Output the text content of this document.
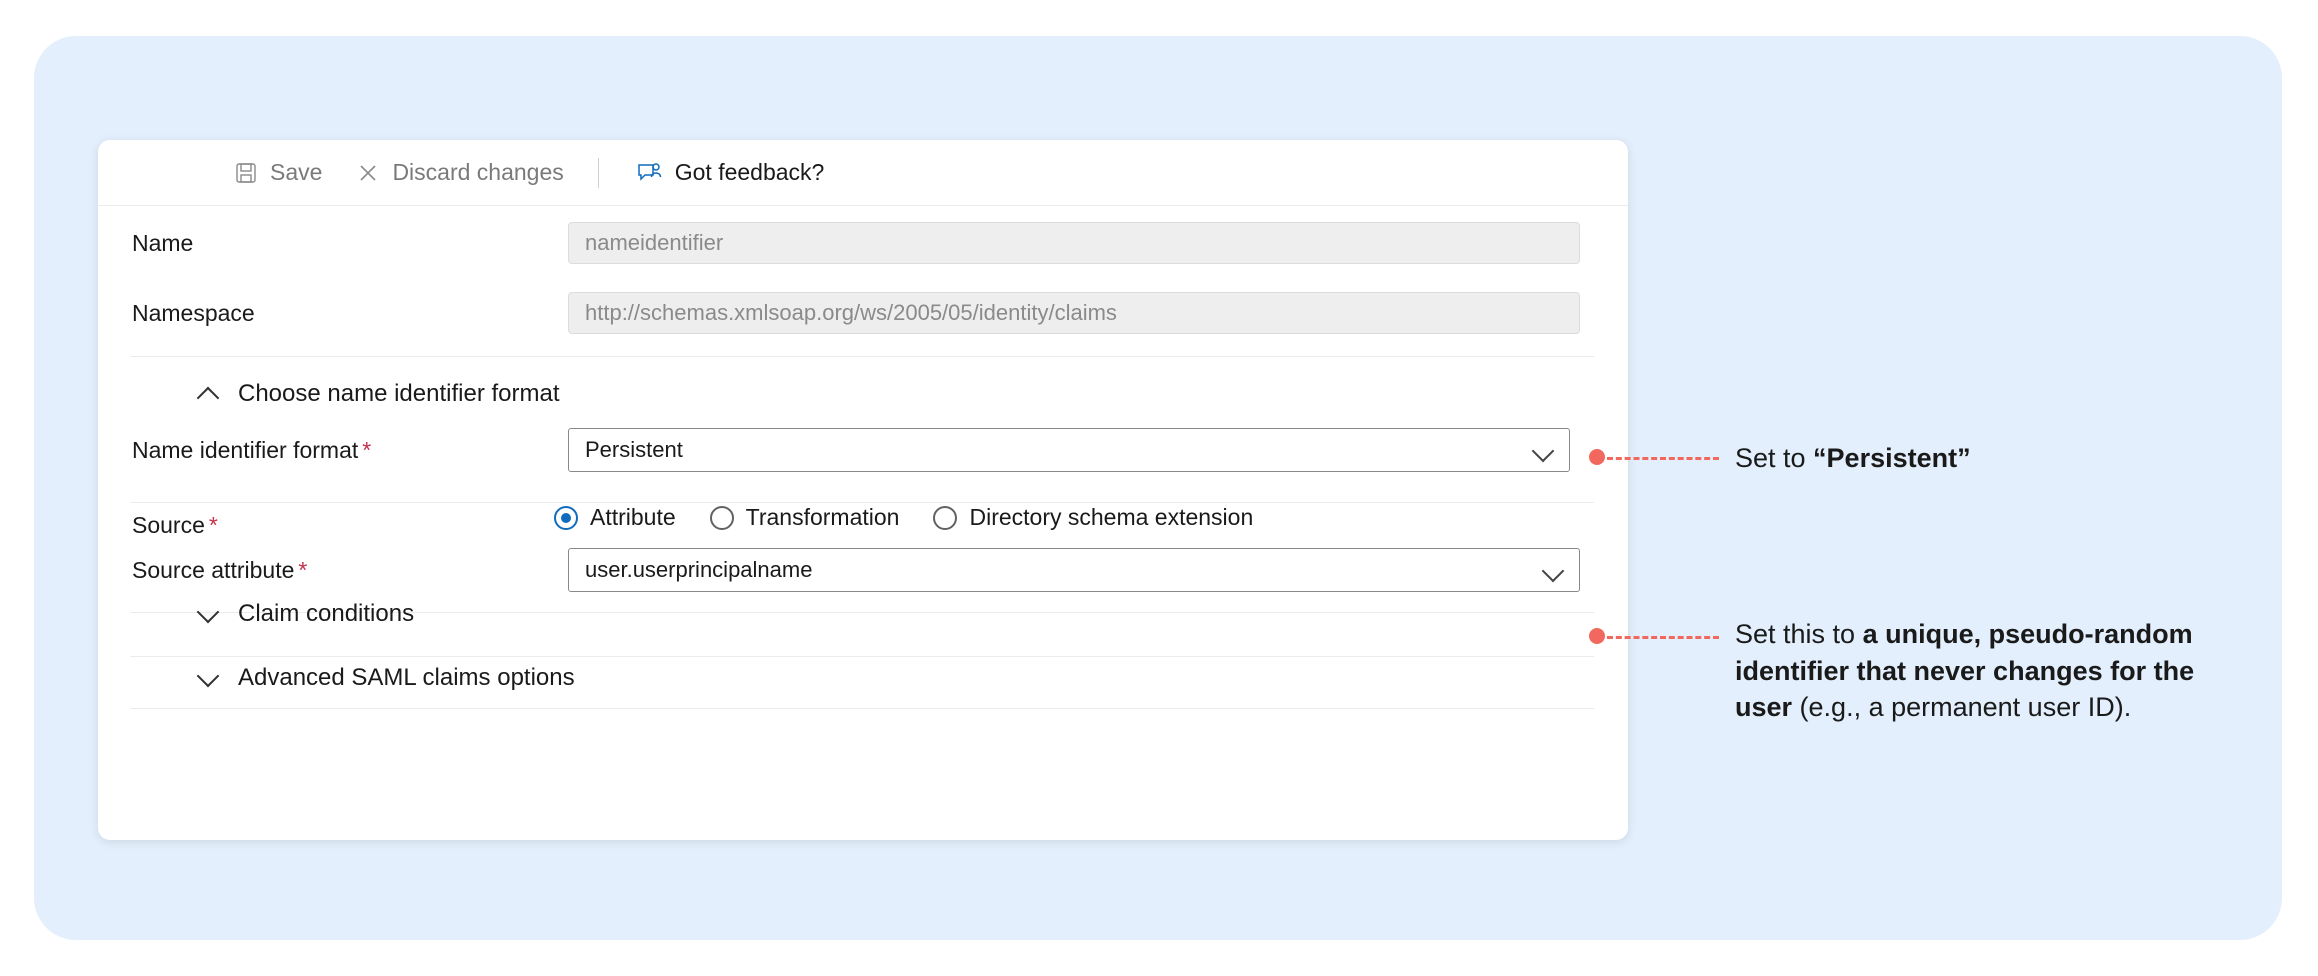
Save	Discard changes	Got feedback?
Name	nameidentifier
Namespace	http://schemas.xmlsoap.org/ws/2005/05/identity/claims
Choose name identifier format
Name identifier format *	Persistent
Source *	Attribute	Transformation	Directory schema extension
Source attribute *	user.userprincipalname
Claim conditions
Advanced SAML claims options
Set to “Persistent”
Set this to a unique, pseudo-random identifier that never changes for the user (e.g., a permanent user ID).
